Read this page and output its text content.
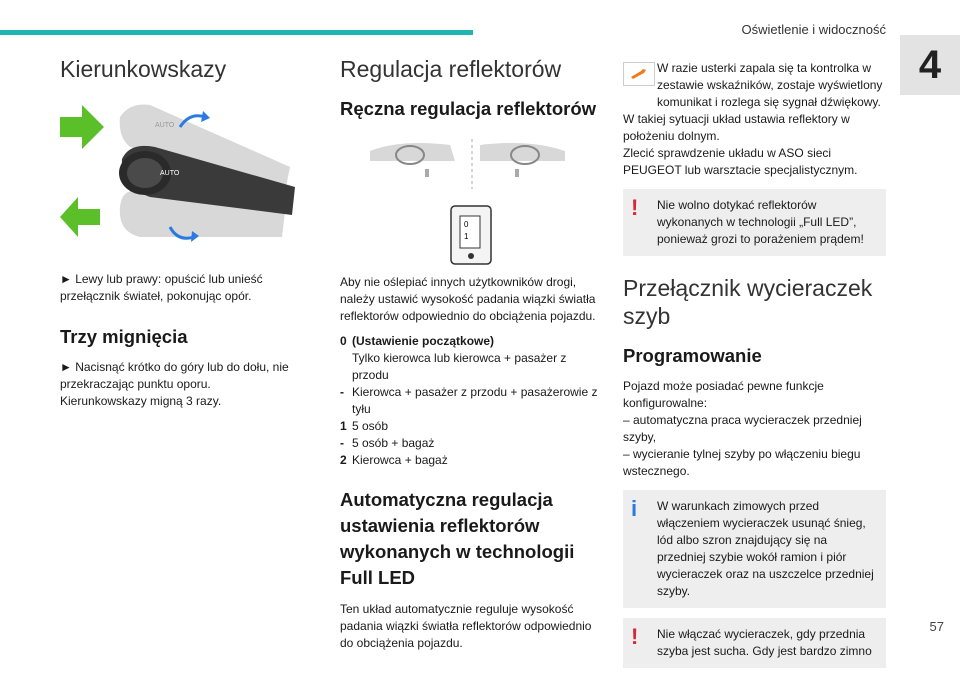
Oświetlenie i widoczność
4
Kierunkowskazy
AUTO
AUTO

► Lewy lub prawy: opuścić lub unieść przełącznik świateł, pokonując opór.

Trzy mignięcia

► Nacisnąć krótko do góry lub do dołu, nie przekraczając punktu oporu. Kierunkowskazy migną 3 razy.

Regulacja reflektorów
Ręczna regulacja reflektorów
0
1

Aby nie oślepiać innych użytkowników drogi, należy ustawić wysokość padania wiązki światła reflektorów odpowiednio do obciążenia pojazdu.

0 (Ustawienie początkowe)
Tylko kierowca lub kierowca + pasażer z przodu
- Kierowca + pasażer z przodu + pasażerowie z tyłu
1 5 osób
- 5 osób + bagaż
2 Kierowca + bagaż
Automatyczna regulacja ustawienia reflektorów wykonanych w technologii Full LED

Ten układ automatycznie reguluje wysokość padania wiązki światła reflektorów odpowiednio do obciążenia pojazdu.

W razie usterki zapala się ta kontrolka w zestawie wskaźników, zostaje wyświetlony komunikat i rozlega się sygnał dźwiękowy.

W takiej sytuacji układ ustawia reflektory w położeniu dolnym.

Zlecić sprawdzenie układu w ASO sieci PEUGEOT lub warsztacie specjalistycznym.

!	Nie wolno dotykać reflektorów wykonanych w technologii „Full LED”, ponieważ grozi to porażeniem prądem!

Przełącznik wycieraczek szyb
Programowanie

Pojazd może posiadać pewne funkcje konfigurowalne:

– automatyczna praca wycieraczek przedniej szyby,

– wycieranie tylnej szyby po włączeniu biegu wstecznego.

i	W warunkach zimowych przed włączeniem wycieraczek usunąć śnieg, lód albo szron znajdujący się na przedniej szybie wokół ramion i piór wycieraczek oraz na uszczelce przedniej szyby.

!	Nie włączać wycieraczek, gdy przednia szyba jest sucha. Gdy jest bardzo zimno

57
